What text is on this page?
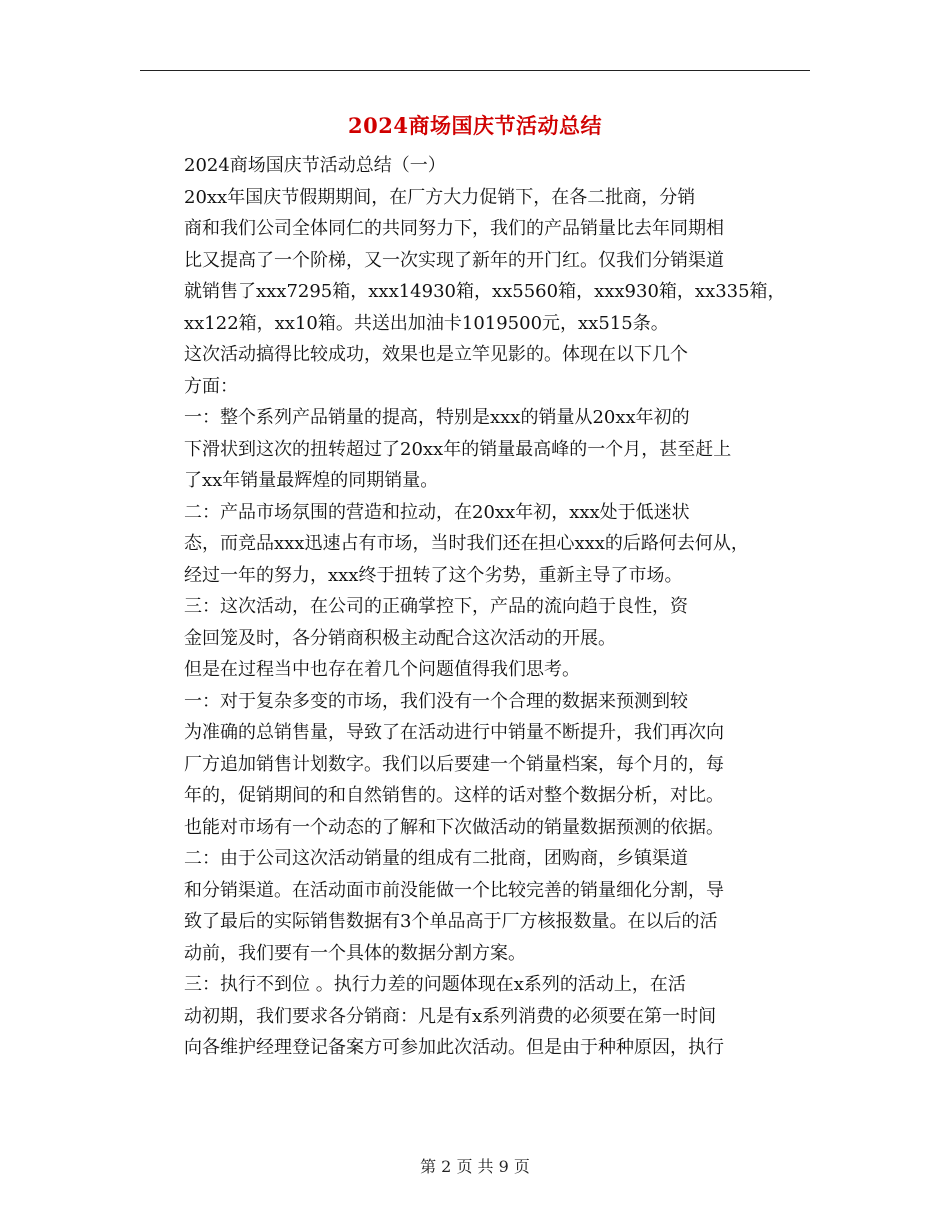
2024商场国庆节活动总结

2024商场国庆节活动总结（一）

20xx年国庆节假期期间，在厂方大力促销下，在各二批商，分销
商和我们公司全体同仁的共同努力下，我们的产品销量比去年同期相
比又提高了一个阶梯，又一次实现了新年的开门红。仅我们分销渠道
就销售了xxx7295箱，xxx14930箱，xx5560箱，xxx930箱，xx335箱，
xx122箱，xx10箱。共送出加油卡1019500元，xx515条。

这次活动搞得比较成功，效果也是立竿见影的。体现在以下几个
方面：

一：整个系列产品销量的提高，特别是xxx的销量从20xx年初的
下滑状到这次的扭转超过了20xx年的销量最高峰的一个月，甚至赶上
了xx年销量最辉煌的同期销量。

二：产品市场氛围的营造和拉动，在20xx年初，xxx处于低迷状
态，而竞品xxx迅速占有市场，当时我们还在担心xxx的后路何去何从，
经过一年的努力，xxx终于扭转了这个劣势，重新主导了市场。

三：这次活动，在公司的正确掌控下，产品的流向趋于良性，资
金回笼及时，各分销商积极主动配合这次活动的开展。

但是在过程当中也存在着几个问题值得我们思考。

一：对于复杂多变的市场，我们没有一个合理的数据来预测到较
为准确的总销售量，导致了在活动进行中销量不断提升，我们再次向
厂方追加销售计划数字。我们以后要建一个销量档案，每个月的，每
年的，促销期间的和自然销售的。这样的话对整个数据分析，对比。
也能对市场有一个动态的了解和下次做活动的销量数据预测的依据。

二：由于公司这次活动销量的组成有二批商，团购商，乡镇渠道
和分销渠道。在活动面市前没能做一个比较完善的销量细化分割，导
致了最后的实际销售数据有3个单品高于厂方核报数量。在以后的活
动前，我们要有一个具体的数据分割方案。

三：执行不到位 。执行力差的问题体现在x系列的活动上，在活
动初期，我们要求各分销商：凡是有x系列消费的必须要在第一时间
向各维护经理登记备案方可参加此次活动。但是由于种种原因，执行

第 2 页 共 9 页
